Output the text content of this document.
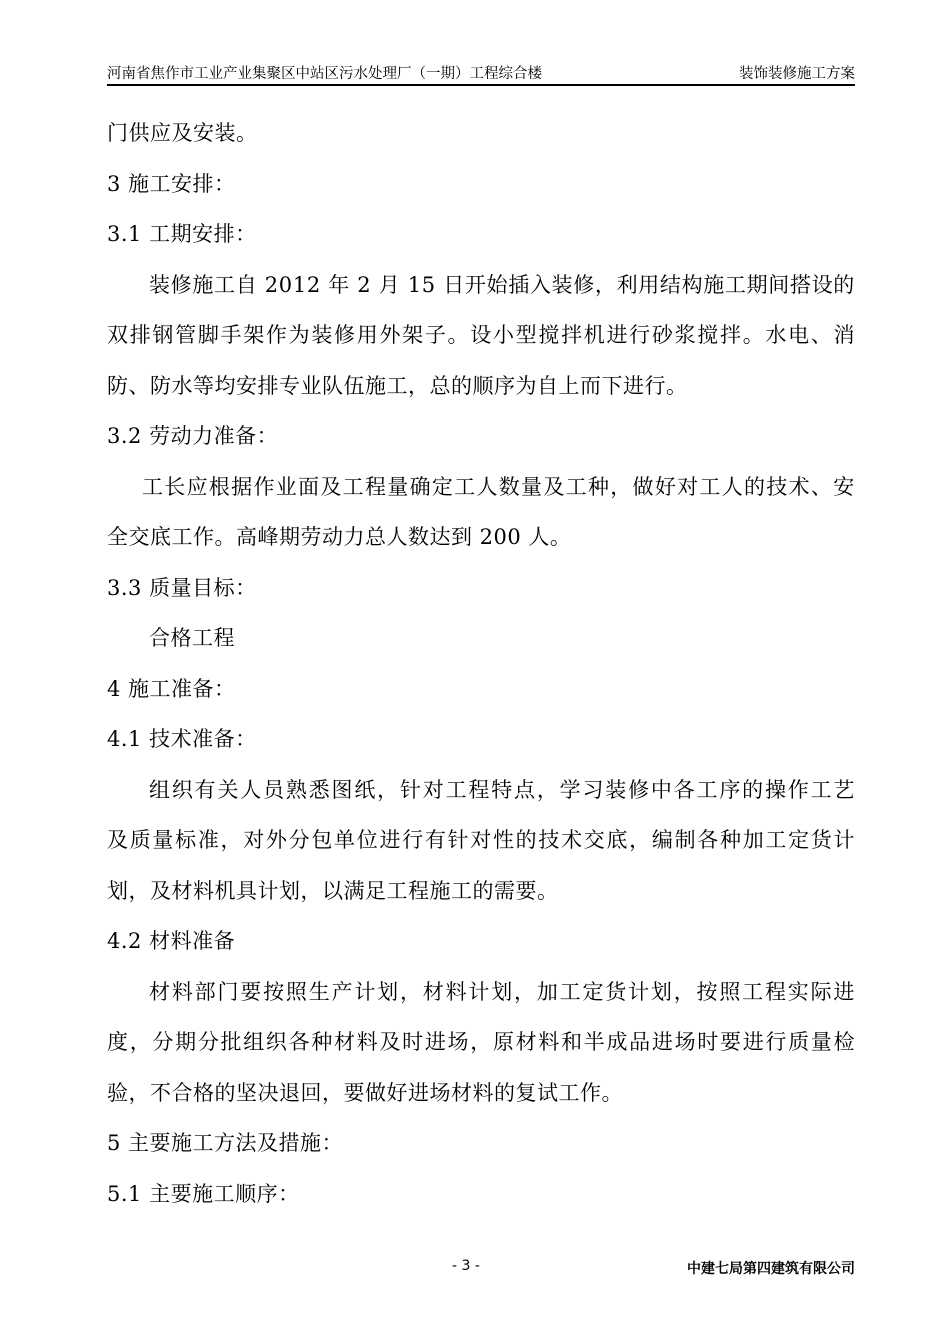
河南省焦作市工业产业集聚区中站区污水处理厂（一期）工程综合楼	装饰装修施工方案
门供应及安装。
3 施工安排：
3.1 工期安排：
装 修 施 工 自
2 0 1 2
年
2
月
1 5
日 开 始 插 入 装 修 ， 利 用 结 构 施 工 期 间 搭 设 的
双 排 钢 管 脚 手 架 作 为 装 修 用 外 架 子 。 设 小 型 搅 拌 机 进 行 砂 浆 搅 拌 。 水 电 、 消
防、防水等均安排专业队伍施工，总的顺序为自上而下进行。
3.2 劳动力准备：
工 长 应 根 据 作 业 面 及 工 程 量 确 定 工 人 数 量 及 工 种 ， 做 好 对 工 人 的 技 术 、 安
全交底工作。高峰期劳动力总人数达到 200 人。
3.3 质量目标：
合格工程
4 施工准备：
4.1 技术准备：
组 织 有 关 人 员 熟 悉 图 纸 ， 针 对 工 程 特 点 ， 学 习 装 修 中 各 工 序 的 操 作 工 艺
及 质 量 标 准 ， 对 外 分 包 单 位 进 行 有 针 对 性 的 技 术 交 底 ， 编 制 各 种 加 工 定 货 计
划，及材料机具计划，以满足工程施工的需要。
4.2 材料准备
材 料 部 门 要 按 照 生 产 计 划 ， 材 料 计 划 ， 加 工 定 货 计 划 ， 按 照 工 程 实 际 进
度 ， 分 期 分 批 组 织 各 种 材 料 及 时 进 场 ， 原 材 料 和 半 成 品 进 场 时 要 进 行 质 量 检
验，不合格的坚决退回，要做好进场材料的复试工作。
5 主要施工方法及措施：
5.1 主要施工顺序：
- 3 -	中建七局第四建筑有限公司
